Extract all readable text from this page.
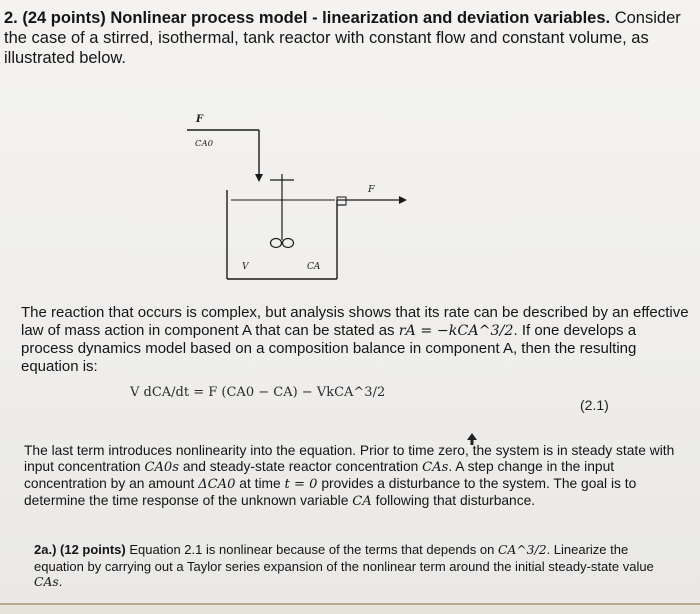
2. (24 points) Nonlinear process model - linearization and deviation variables. Consider the case of a stirred, isothermal, tank reactor with constant flow and constant volume, as illustrated below.

F
CA0
F
V	CA

The reaction that occurs is complex, but analysis shows that its rate can be described by an effective law of mass action in component A that can be stated as rA = −kCA^3/2. If one develops a process dynamics model based on a composition balance in component A, then the resulting equation is:

V dCA/dt = F (CA0 − CA) − VkCA^3/2
(2.1)

The last term introduces nonlinearity into the equation. Prior to time zero, the system is in steady state with input concentration CA0s and steady-state reactor concentration CAs. A step change in the input concentration by an amount ΔCA0 at time t = 0 provides a disturbance to the system. The goal is to determine the time response of the unknown variable CA following that disturbance.

2a.) (12 points) Equation 2.1 is nonlinear because of the terms that depends on CA^3/2. Linearize the equation by carrying out a Taylor series expansion of the nonlinear term around the initial steady-state value CAs.
